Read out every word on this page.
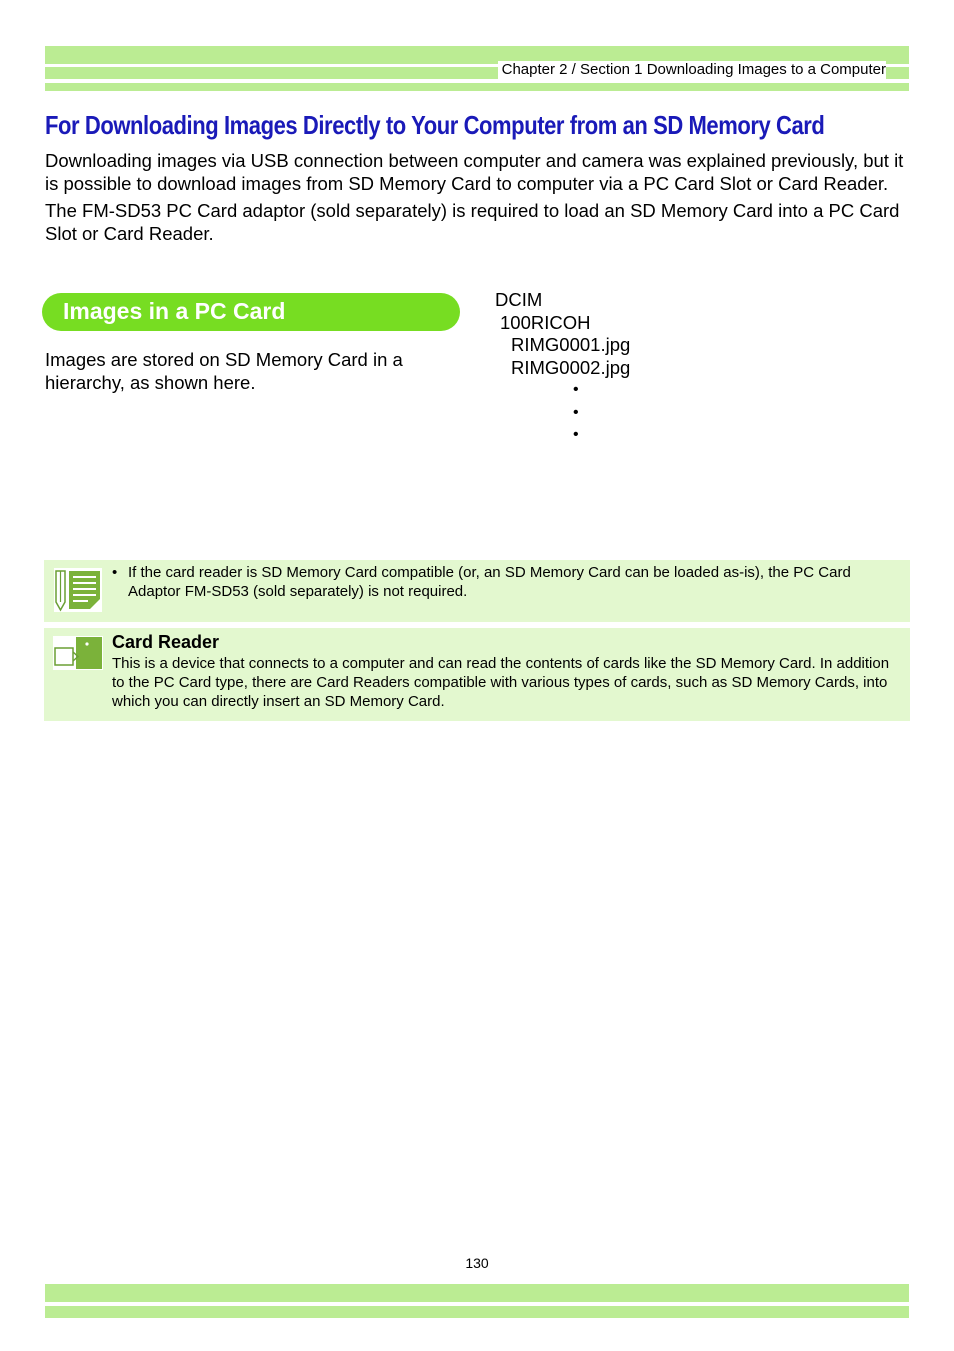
Chapter 2 / Section 1 Downloading Images to a Computer
For Downloading Images Directly to Your Computer from an SD Memory Card

Downloading images via USB connection between computer and camera was explained previously, but it is possible to download images from SD Memory Card to computer via a PC Card Slot or Card Reader.

The FM-SD53 PC Card adaptor (sold separately) is required to load an SD Memory Card into a PC Card Slot or Card Reader.

Images in a PC Card
Images are stored on SD Memory Card in a hierarchy, as shown here.
DCIM
100RICOH
RIMG0001.jpg
RIMG0002.jpg
•
•
•
• If the card reader is SD Memory Card compatible (or, an SD Memory Card can be loaded as-is), the PC Card Adaptor FM-SD53 (sold separately) is not required.
Card Reader
This is a device that connects to a computer and can read the contents of cards like the SD Memory Card. In addition to the PC Card type, there are Card Readers compatible with various types of cards, such as SD Memory Cards, into which you can directly insert an SD Memory Card.
130
